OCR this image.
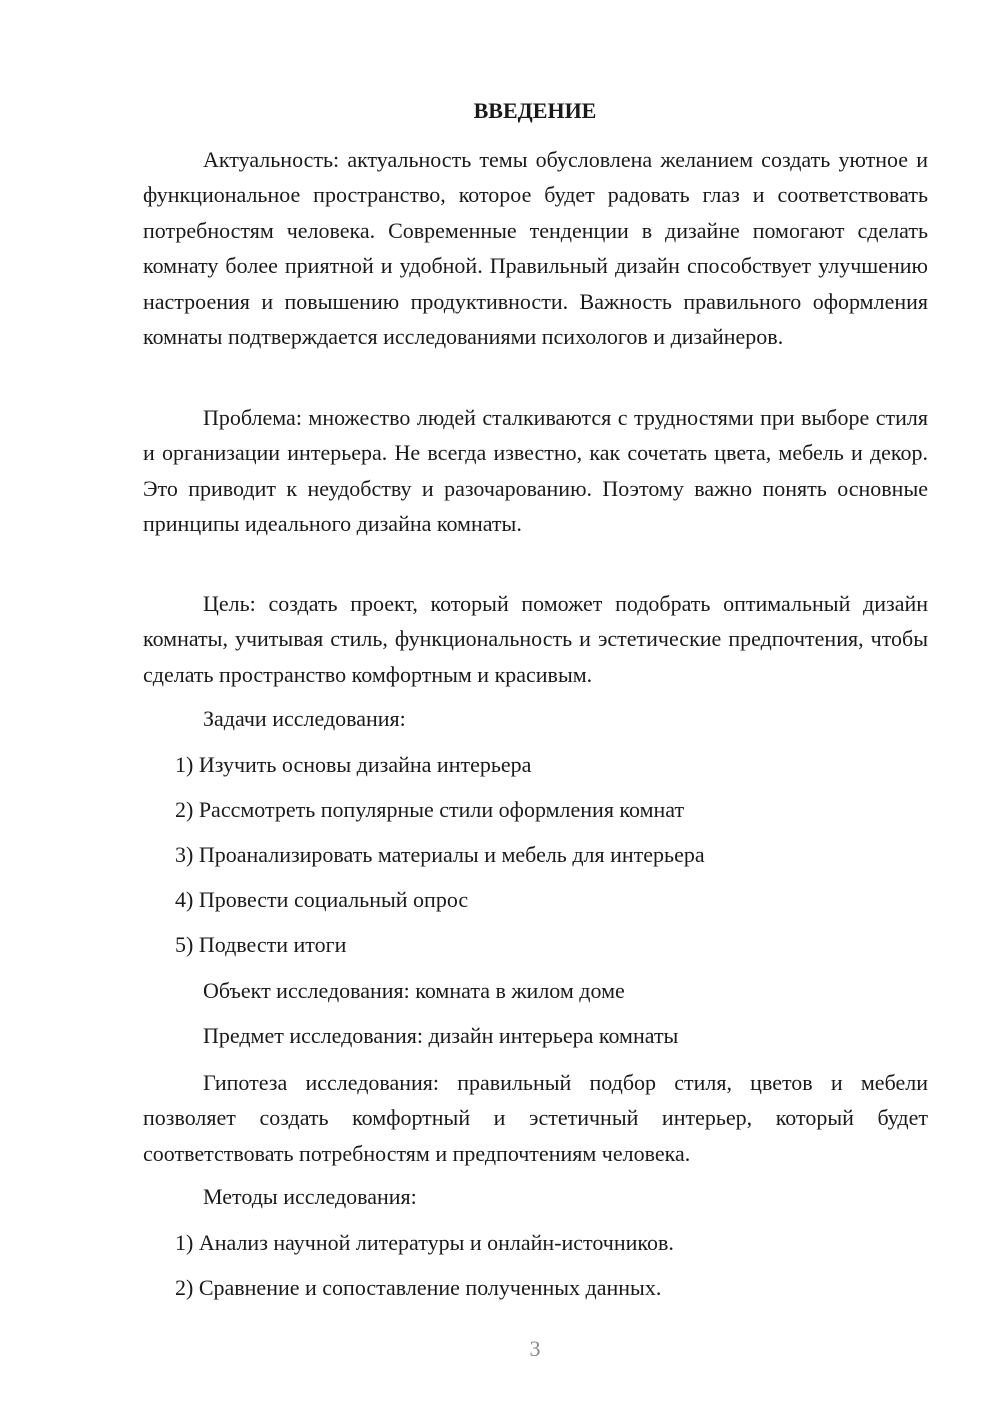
ВВЕДЕНИЕ

Актуальность: актуальность темы обусловлена желанием создать уютное и функциональное пространство, которое будет радовать глаз и соответствовать потребностям человека. Современные тенденции в дизайне помогают сделать комнату более приятной и удобной. Правильный дизайн способствует улучшению настроения и повышению продуктивности. Важность правильного оформления комнаты подтверждается исследованиями психологов и дизайнеров.

Проблема: множество людей сталкиваются с трудностями при выборе стиля и организации интерьера. Не всегда известно, как сочетать цвета, мебель и декор. Это приводит к неудобству и разочарованию. Поэтому важно понять основные принципы идеального дизайна комнаты.

Цель: создать проект, который поможет подобрать оптимальный дизайн комнаты, учитывая стиль, функциональность и эстетические предпочтения, чтобы сделать пространство комфортным и красивым.

Задачи исследования:

1) Изучить основы дизайна интерьера

2) Рассмотреть популярные стили оформления комнат

3) Проанализировать материалы и мебель для интерьера

4) Провести социальный опрос

5) Подвести итоги

Объект исследования: комната в жилом доме

Предмет исследования: дизайн интерьера комнаты

Гипотеза исследования: правильный подбор стиля, цветов и мебели позволяет создать комфортный и эстетичный интерьер, который будет соответствовать потребностям и предпочтениям человека.

Методы исследования:

1) Анализ научной литературы и онлайн-источников.

2) Сравнение и сопоставление полученных данных.

3
